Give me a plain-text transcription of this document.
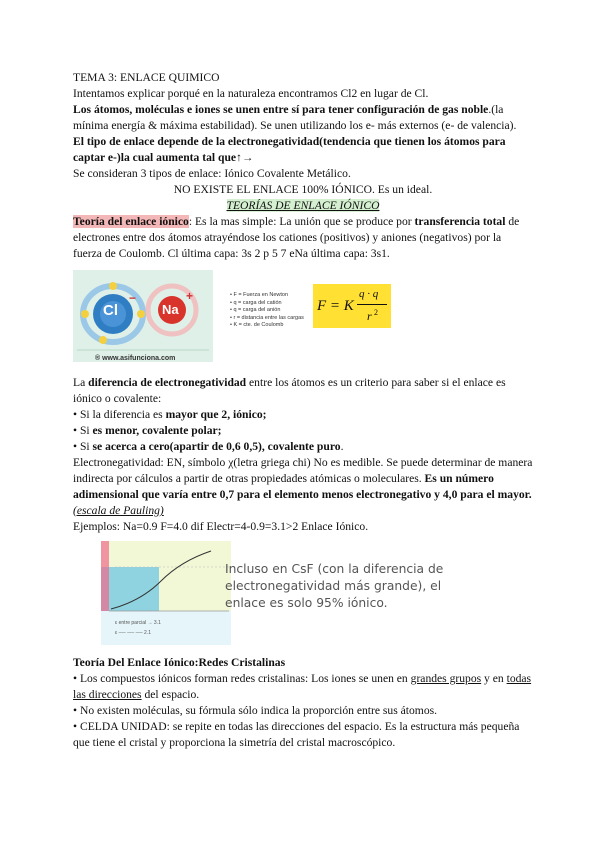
TEMA 3: ENLACE QUIMICO

Intentamos explicar porqué en la naturaleza encontramos Cl2 en lugar de Cl.

Los átomos, moléculas e iones se unen entre sí para tener configuración de gas noble.(la mínima energía & máxima estabilidad). Se unen utilizando los e- más externos (e- de valencia).

El tipo de enlace depende de la electronegatividad(tendencia que tienen los átomos para captar e-)la cual aumenta tal que↑→

Se consideran 3 tipos de enlace: Iónico Covalente Metálico.

NO EXISTE EL ENLACE 100% IÓNICO. Es un ideal.

TEORÍAS DE ENLACE IÓNICO

Teoría del enlace iónico: Es la mas simple: La unión que se produce por transferencia total de electrones entre dos átomos atrayéndose los cationes (positivos) y aniones (negativos) por la fuerza de Coulomb. Cl última capa: 3s 2 p 5 7 eNa última capa: 3s1.

Cl
−
Na
+
® www.asifunciona.com
• F = Fuerza en Newton
• q = carga del catión
• q = carga del anión
• r = distancia entre las cargas
• K = cte. de Coulomb
F = K
q · q
r 2

La diferencia de electronegatividad entre los átomos es un criterio para saber si el enlace es iónico o covalente:

• Si la diferencia es mayor que 2, iónico;

• Si es menor, covalente polar;

• Si se acerca a cero(apartir de 0,6 0,5), covalente puro.

Electronegatividad: EN, símbolo χ(letra griega chi) No es medible. Se puede determinar de manera indirecta por cálculos a partir de otras propiedades atómicas o moleculares. Es un número adimensional que varía entre 0,7 para el elemento menos electronegativo y 4,0 para el mayor. (escala de Pauling)

Ejemplos: Na=0.9 F=4.0 dif Electr=4-0.9=3.1>2 Enlace Iónico.

ε entre parcial → 3.1
ε ── ── ── 2.1
Incluso en CsF (con la diferencia de electronegatividad más grande), el enlace es solo 95% iónico.

Teoría Del Enlace Iónico:Redes Cristalinas

• Los compuestos iónicos forman redes cristalinas: Los iones se unen en grandes grupos y en todas las direcciones del espacio.

• No existen moléculas, su fórmula sólo indica la proporción entre sus átomos.

• CELDA UNIDAD: se repite en todas las direcciones del espacio. Es la estructura más pequeña que tiene el cristal y proporciona la simetría del cristal macroscópico.
